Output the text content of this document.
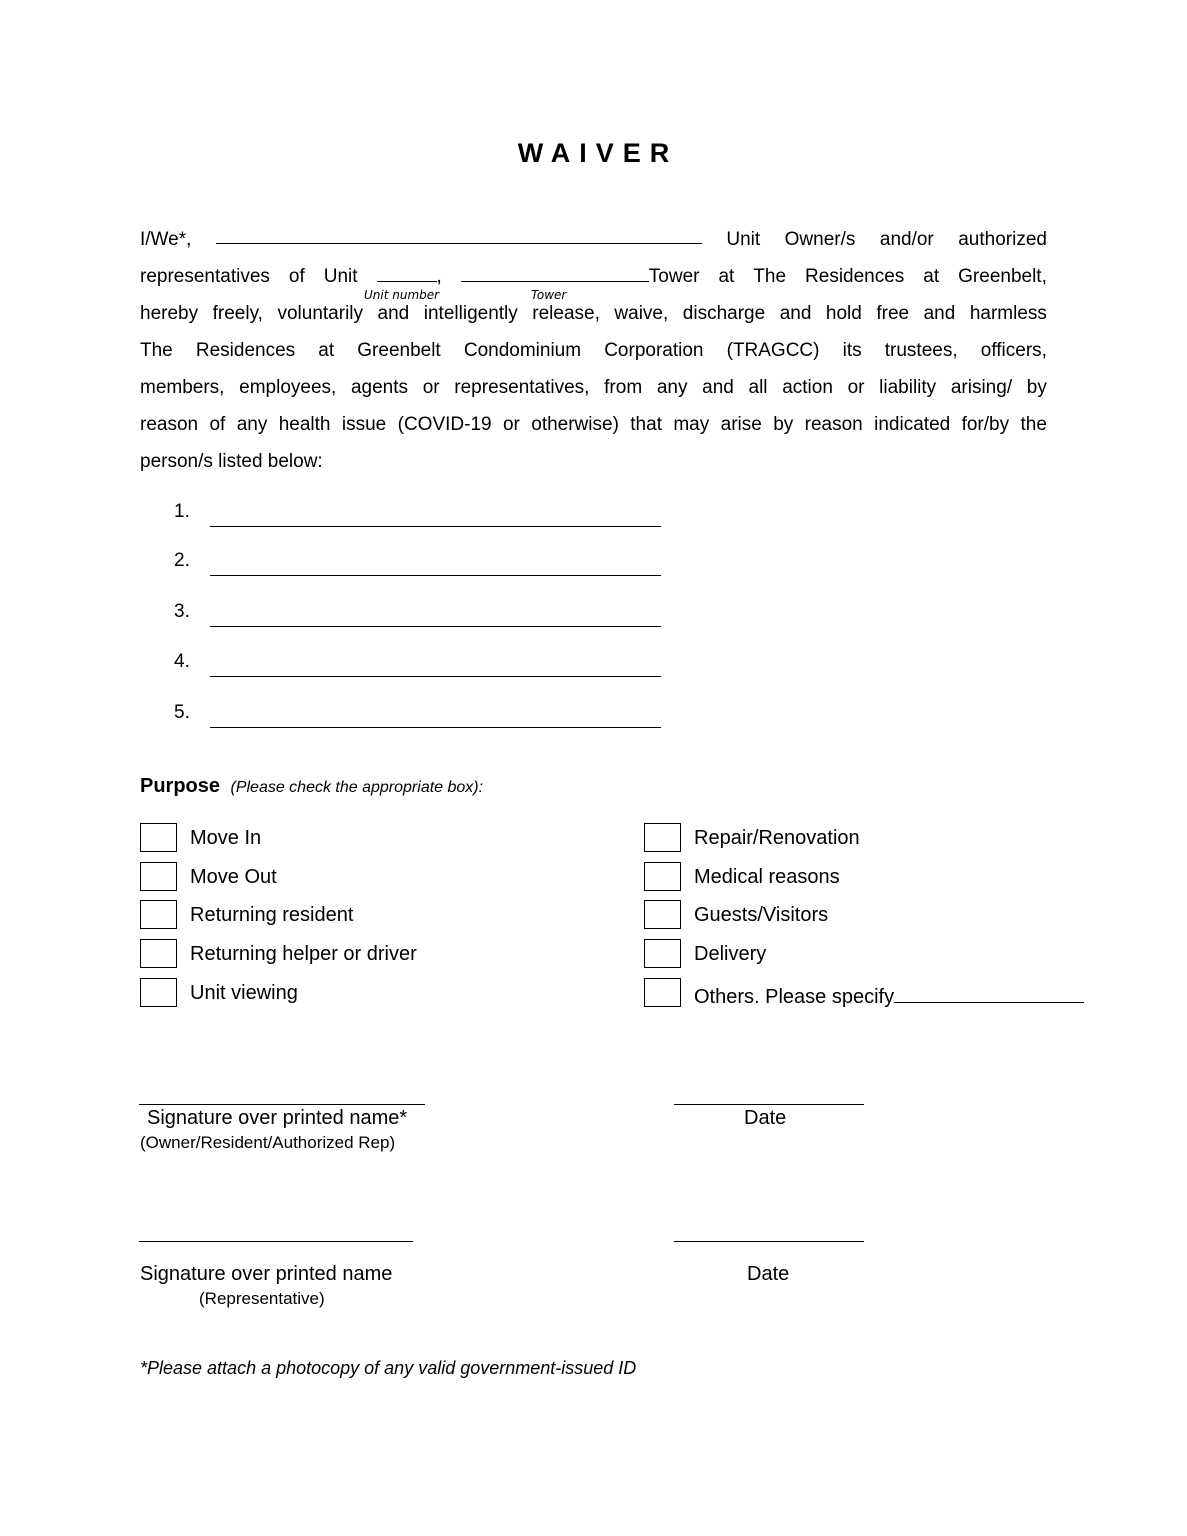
WAIVER
I/We*,	Unit Owner/s and/or authorized
representatives of Unit	,	Tower at The Residences at Greenbelt,
hereby freely, voluntarily and intelligently release, waive, discharge and hold free and harmless
The Residences at Greenbelt Condominium Corporation (TRAGCC) its trustees, officers,
members, employees, agents or representatives, from any and all action or liability arising/ by
reason of any health issue (COVID-19 or otherwise) that may arise by reason indicated for/by the
person/s listed below:
Unit number	Tower
1.
2.
3.
4.
5.
Purpose (Please check the appropriate box):
Move In
Move Out
Returning resident
Returning helper or driver
Unit viewing
Repair/Renovation
Medical reasons
Guests/Visitors
Delivery
Others. Please specify
Signature over printed name*
(Owner/Resident/Authorized Rep)
Date
Signature over printed name
(Representative)
Date
*Please attach a photocopy of any valid government-issued ID
